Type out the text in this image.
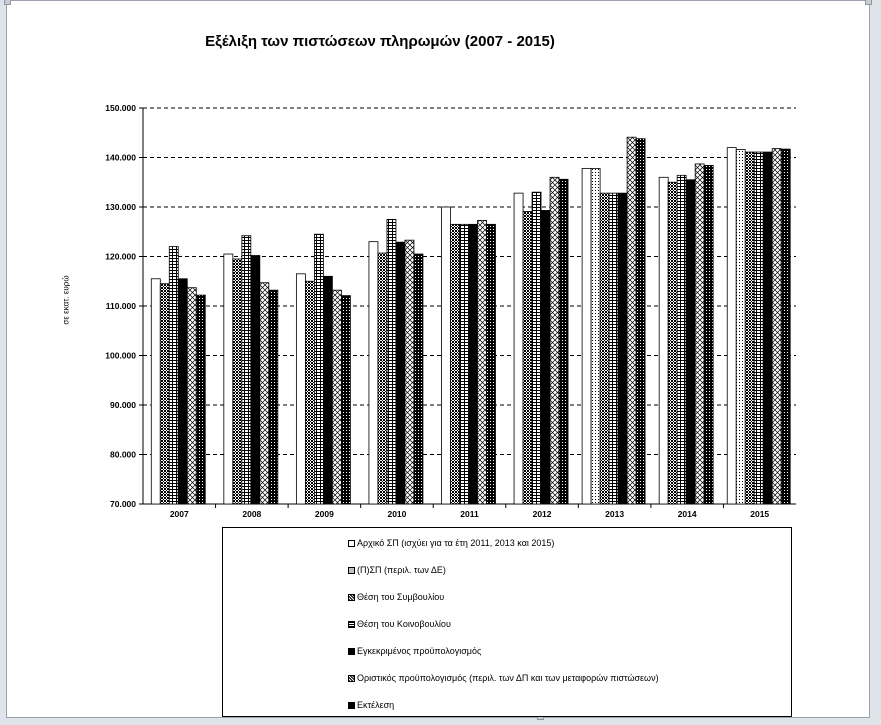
Εξέλιξη των πιστώσεων πληρωμών (2007 - 2015)
σε εκατ. ευρώ
70.000
80.000
90.000
100.000
110.000
120.000
130.000
140.000
150.000
2007	2008	2009	2010	2011	2012	2013	2014	2015
Αρχικό ΣΠ (ισχύει για τα έτη 2011, 2013 και 2015)
(Π)ΣΠ (περιλ. των ΔΕ)
Θέση του Συμβουλίου
Θέση του Κοινοβουλίου
Εγκεκριμένος προϋπολογισμός
Οριστικός προϋπολογισμός (περιλ. των ΔΠ και των μεταφορών πιστώσεων)
Εκτέλεση
